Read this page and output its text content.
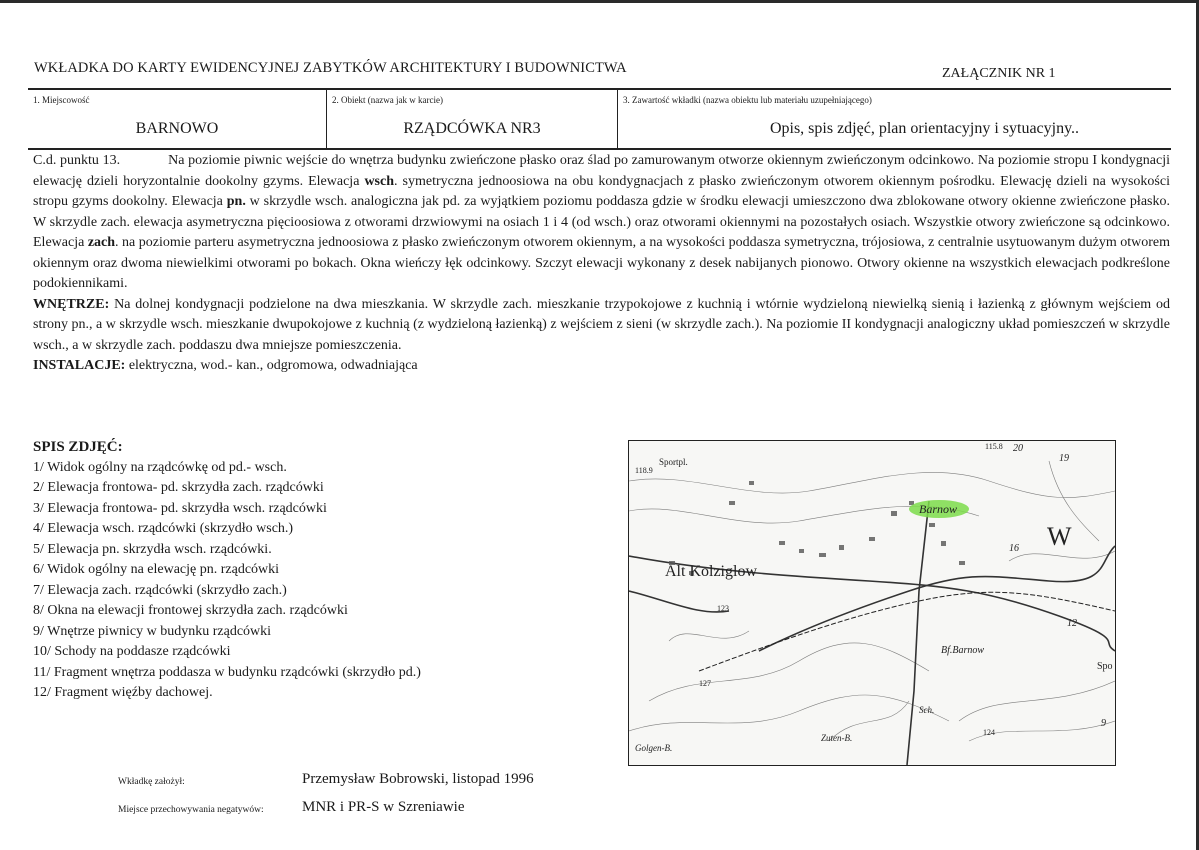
WKŁADKA DO KARTY EWIDENCYJNEJ ZABYTKÓW ARCHITEKTURY I BUDOWNICTWA	ZAŁĄCZNIK NR 1
1. Miejscowość
BARNOWO
2. Obiekt (nazwa jak w karcie)
RZĄDCÓWKA NR3
3. Zawartość wkładki (nazwa obiektu lub materiału uzupełniającego)
Opis, spis zdjęć, plan orientacyjny i sytuacyjny..

C.d. punktu 13.	Na poziomie piwnic wejście do wnętrza budynku zwieńczone płasko oraz ślad po zamurowanym otworze okiennym zwieńczonym odcinkowo. Na poziomie stropu I kondygnacji elewację dzieli horyzontalnie dookolny gzyms. Elewacja wsch. symetryczna jednoosiowa na obu kondygnacjach z płasko zwieńczonym otworem okiennym pośrodku. Elewację dzieli na wysokości stropu gzyms dookolny. Elewacja pn. w skrzydle wsch. analogiczna jak pd. za wyjątkiem poziomu poddasza gdzie w środku elewacji umieszczono dwa zblokowane otwory okienne zwieńczone płasko. W skrzydle zach. elewacja asymetryczna pięcioosiowa z otworami drzwiowymi na osiach 1 i 4 (od wsch.) oraz otworami okiennymi na pozostałych osiach. Wszystkie otwory zwieńczone są odcinkowo. Elewacja zach. na poziomie parteru asymetryczna jednoosiowa z płasko zwieńczonym otworem okiennym, a na wysokości poddasza symetryczna, trójosiowa, z centralnie usytuowanym dużym otworem okiennym oraz dwoma niewielkimi otworami po bokach. Okna wieńczy łęk odcinkowy. Szczyt elewacji wykonany z desek nabijanych pionowo. Otwory okienne na wszystkich elewacjach podkreślone podokiennikami.

WNĘTRZE: Na dolnej kondygnacji podzielone na dwa mieszkania. W skrzydle zach. mieszkanie trzypokojowe z kuchnią i wtórnie wydzieloną niewielką sienią i łazienką z głównym wejściem od strony pn., a w skrzydle wsch. mieszkanie dwupokojowe z kuchnią (z wydzieloną łazienką) z wejściem z sieni (w skrzydle zach.). Na poziomie II kondygnacji analogiczny układ pomieszczeń w skrzydle wsch., a w skrzydle zach. poddaszu dwa mniejsze pomieszczenia.

INSTALACJE: elektryczna, wod.- kan., odgromowa, odwadniająca

SPIS ZDJĘĆ:
1/ Widok ogólny na rządcówkę od pd.- wsch.
2/ Elewacja frontowa- pd. skrzydła zach. rządcówki
3/ Elewacja frontowa- pd. skrzydła wsch. rządcówki
4/ Elewacja wsch. rządcówki (skrzydło wsch.)
5/ Elewacja pn. skrzydła wsch. rządcówki.
6/ Widok ogólny na elewację pn. rządcówki
7/ Elewacja zach. rządcówki (skrzydło zach.)
8/ Okna na elewacji frontowej skrzydła zach. rządcówki
9/ Wnętrze piwnicy w budynku rządcówki
10/ Schody na poddasze rządcówki
11/ Fragment wnętrza poddasza w budynku rządcówki (skrzydło pd.)
12/ Fragment więźby dachowej.
Barnow
Alt Kolziglow
Bf.Barnow
W
Sportpl.
Sch.
Zuten-B.
Golgen-B.
115.8 20
19
16
12
9
118.9
123
127
Spo
124
Wkładkę założył:	Przemysław Bobrowski, listopad 1996
Miejsce przechowywania negatywów:	MNR i PR-S w Szreniawie
